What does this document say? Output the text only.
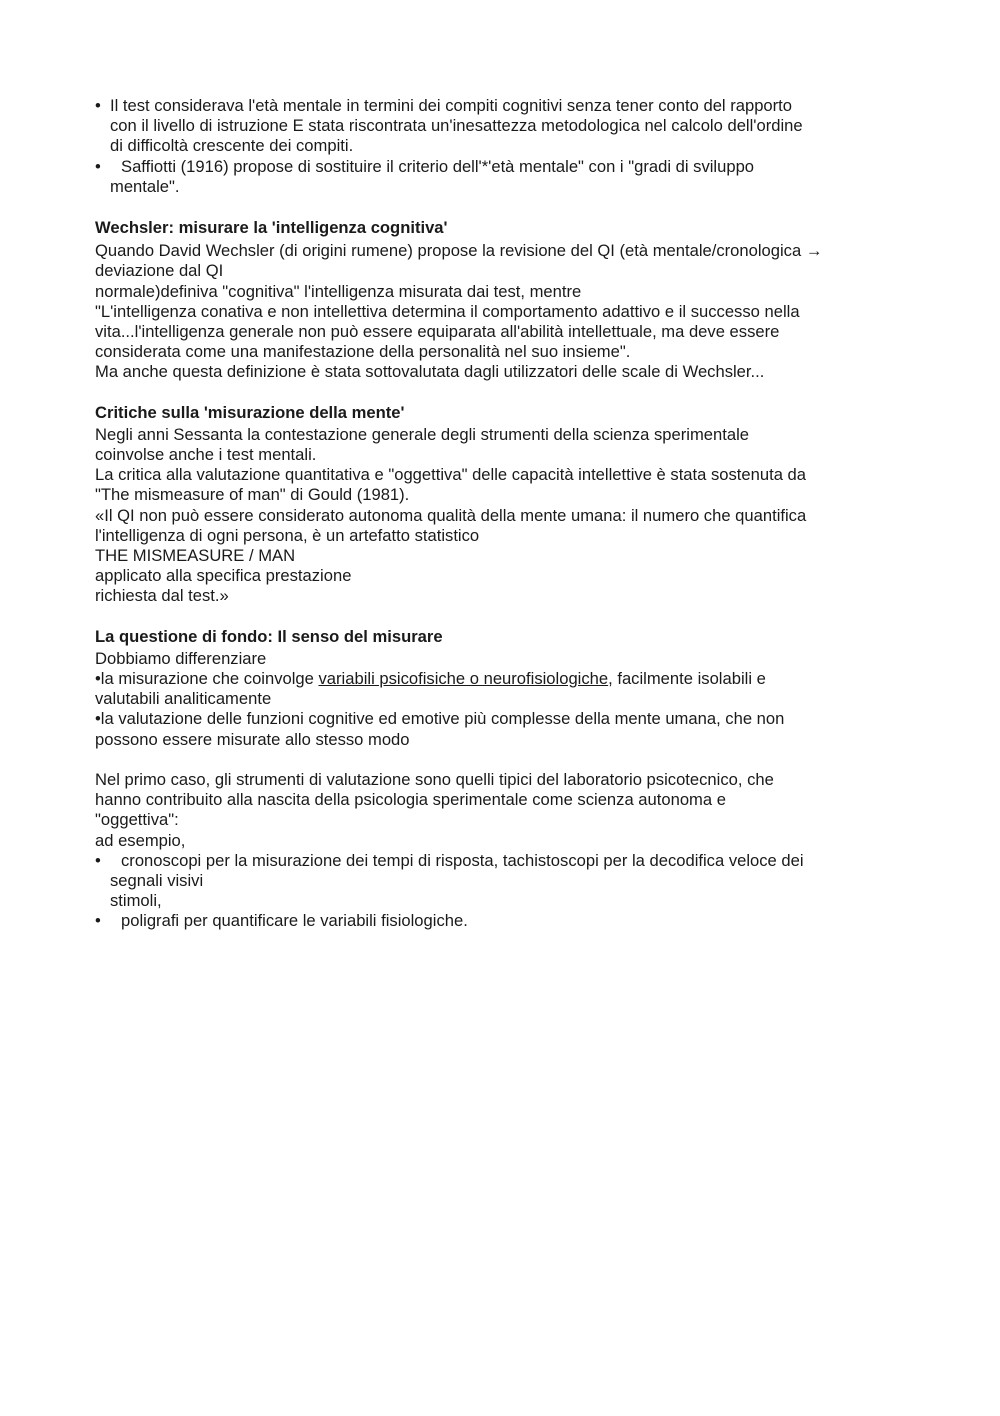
• Il test considerava l'età mentale in termini dei compiti cognitivi senza tener conto del rapporto

con il livello di istruzione E stata riscontrata un'inesattezza metodologica nel calcolo dell'ordine

di difficoltà crescente dei compiti.

•	Saffiotti (1916) propose di sostituire il criterio dell'*'età mentale" con i "gradi di sviluppo
mentale".

Wechsler: misurare la 'intelligenza cognitiva'

Quando David Wechsler (di origini rumene) propose la revisione del QI (età mentale/cronologica →

deviazione dal QI

normale)definiva "cognitiva" l'intelligenza misurata dai test, mentre

"L'intelligenza conativa e non intellettiva determina il comportamento adattivo e il successo nella

vita...l'intelligenza generale non può essere equiparata all'abilità intellettuale, ma deve essere

considerata come una manifestazione della personalità nel suo insieme".

Ma anche questa definizione è stata sottovalutata dagli utilizzatori delle scale di Wechsler...

Critiche sulla 'misurazione della mente'

Negli anni Sessanta la contestazione generale degli strumenti della scienza sperimentale

coinvolse anche i test mentali.

La critica alla valutazione quantitativa e "oggettiva" delle capacità intellettive è stata sostenuta da

"The mismeasure of man" di Gould (1981).

«Il QI non può essere considerato autonoma qualità della mente umana: il numero che quantifica

l'intelligenza di ogni persona, è un artefatto statistico

THE MISMEASURE / MAN

applicato alla specifica prestazione

richiesta dal test.»

La questione di fondo: Il senso del misurare

Dobbiamo differenziare

•la misurazione che coinvolge variabili psicofisiche o neurofisiologiche, facilmente isolabili e

valutabili analiticamente

•la valutazione delle funzioni cognitive ed emotive più complesse della mente umana, che non

possono essere misurate allo stesso modo

Nel primo caso, gli strumenti di valutazione sono quelli tipici del laboratorio psicotecnico, che

hanno contribuito alla nascita della psicologia sperimentale come scienza autonoma e

"oggettiva":

ad esempio,

•	cronoscopi per la misurazione dei tempi di risposta, tachistoscopi per la decodifica veloce dei
segnali visivi
stimoli,
•	poligrafi per quantificare le variabili fisiologiche.
